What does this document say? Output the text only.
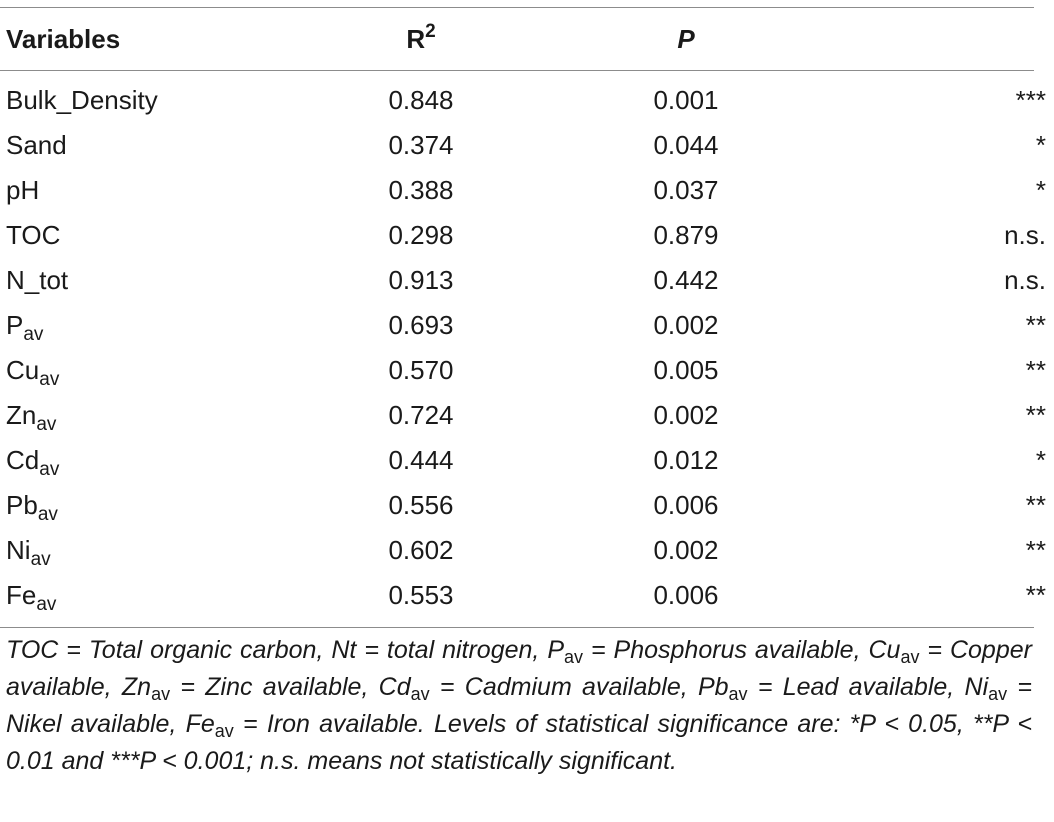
Variables	$R^2$	P	
Bulk_Density	0.848	0.001	***
Sand	0.374	0.044	*
pH	0.388	0.037	*
TOC	0.298	0.879	n.s.
N_tot	0.913	0.442	n.s.
$P_{av}$	0.693	0.002	**
$Cu_{av}$	0.570	0.005	**
$Zn_{av}$	0.724	0.002	**
$Cd_{av}$	0.444	0.012	*
$Pb_{av}$	0.556	0.006	**
$Ni_{av}$	0.602	0.002	**
$Fe_{av}$	0.553	0.006	**
TOC = Total organic carbon, Nt = total nitrogen, $P_{av}$ = Phosphorus available, $Cu_{av}$ = Copper available, $Zn_{av}$ = Zinc available, $Cd_{av}$ = Cadmium available, $Pb_{av}$ = Lead available, $Ni_{av}$ = Nikel available, $Fe_{av}$ = Iron available. Levels of statistical significance are: *P < 0.05, **P < 0.01 and ***P < 0.001; n.s. means not statistically significant.
